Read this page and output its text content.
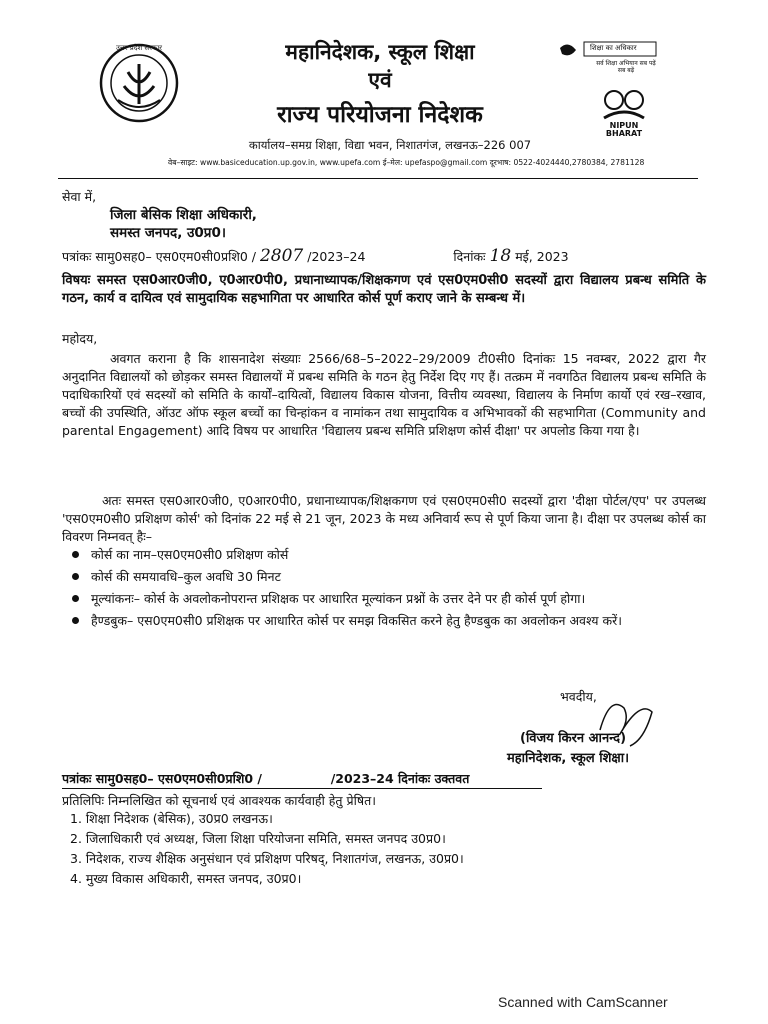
उत्तर प्रदेश सरकार	महानिदेशक, स्कूल शिक्षा
एवं
राज्य परियोजना निदेशक
कार्यालय–समग्र शिक्षा, विद्या भवन, निशातगंज, लखनऊ–226 007
वेब–साइट: www.basiceducation.up.gov.in, www.upefa.com ई–मेल: upefaspo@gmail.com दूरभाष: 0522-4024440,2780384, 2781128
शिक्षा का अधिकार
सर्व शिक्षा अभियान सब पढ़ें सब बढ़ें
NIPUN BHARAT
सेवा में,
जिला बेसिक शिक्षा अधिकारी,
समस्त जनपद, उ0प्र0।
पत्रांकः सामु0सह0– एस0एम0सी0प्रशि0 / 2807 /2023–24	दिनांकः 18 मई, 2023
विषयः समस्त एस0आर0जी0, ए0आर0पी0, प्रधानाध्यापक/शिक्षकगण एवं एस0एम0सी0 सदस्यों द्वारा विद्यालय प्रबन्ध समिति के गठन, कार्य व दायित्व एवं सामुदायिक सहभागिता पर आधारित कोर्स पूर्ण कराए जाने के सम्बन्ध में।
महोदय,
अवगत कराना है कि शासनादेश संख्याः 2566/68–5–2022–29/2009 टी0सी0 दिनांकः 15 नवम्बर, 2022 द्वारा गैर अनुदानित विद्यालयों को छोड़कर समस्त विद्यालयों में प्रबन्ध समिति के गठन हेतु निर्देश दिए गए हैं। तत्क्रम में नवगठित विद्यालय प्रबन्ध समिति के पदाधिकारियों एवं सदस्यों को समिति के कार्यों–दायित्वों, विद्यालय विकास योजना, वित्तीय व्यवस्था, विद्यालय के निर्माण कार्यो एवं रख–रखाव, बच्चों की उपस्थिति, ऑउट ऑफ स्कूल बच्चों का चिन्हांकन व नामांकन तथा सामुदायिक व अभिभावकों की सहभागिता (Community and parental Engagement) आदि विषय पर आधारित 'विद्यालय प्रबन्ध समिति प्रशिक्षण कोर्स दीक्षा' पर अपलोड किया गया है।
अतः समस्त एस0आर0जी0, ए0आर0पी0, प्रधानाध्यापक/शिक्षकगण एवं एस0एम0सी0 सदस्यों द्वारा 'दीक्षा पोर्टल/एप' पर उपलब्ध 'एस0एम0सी0 प्रशिक्षण कोर्स' को दिनांक 22 मई से 21 जून, 2023 के मध्य अनिवार्य रूप से पूर्ण किया जाना है। दीक्षा पर उपलब्ध कोर्स का विवरण निम्नवत् हैः–
कोर्स का नाम–एस0एम0सी0 प्रशिक्षण कोर्स
कोर्स की समयावधि–कुल अवधि 30 मिनट
मूल्यांकनः– कोर्स के अवलोकनोपरान्त प्रशिक्षक पर आधारित मूल्यांकन प्रश्नों के उत्तर देने पर ही कोर्स पूर्ण होगा।
हैण्डबुक– एस0एम0सी0 प्रशिक्षक पर आधारित कोर्स पर समझ विकसित करने हेतु हैण्डबुक का अवलोकन अवश्य करें।
भवदीय,
(विजय किरन आनन्द)
महानिदेशक, स्कूल शिक्षा।
पत्रांकः सामु0सह0– एस0एम0सी0प्रशि0 /	/2023–24 दिनांकः उक्तवत
प्रतिलिपिः निम्नलिखित को सूचनार्थ एवं आवश्यक कार्यवाही हेतु प्रेषित।
1. शिक्षा निदेशक (बेसिक), उ0प्र0 लखनऊ।
2. जिलाधिकारी एवं अध्यक्ष, जिला शिक्षा परियोजना समिति, समस्त जनपद उ0प्र0।
3. निदेशक, राज्य शैक्षिक अनुसंधान एवं प्रशिक्षण परिषद्, निशातगंज, लखनऊ, उ0प्र0।
4. मुख्य विकास अधिकारी, समस्त जनपद, उ0प्र0।
Scanned with CamScanner
